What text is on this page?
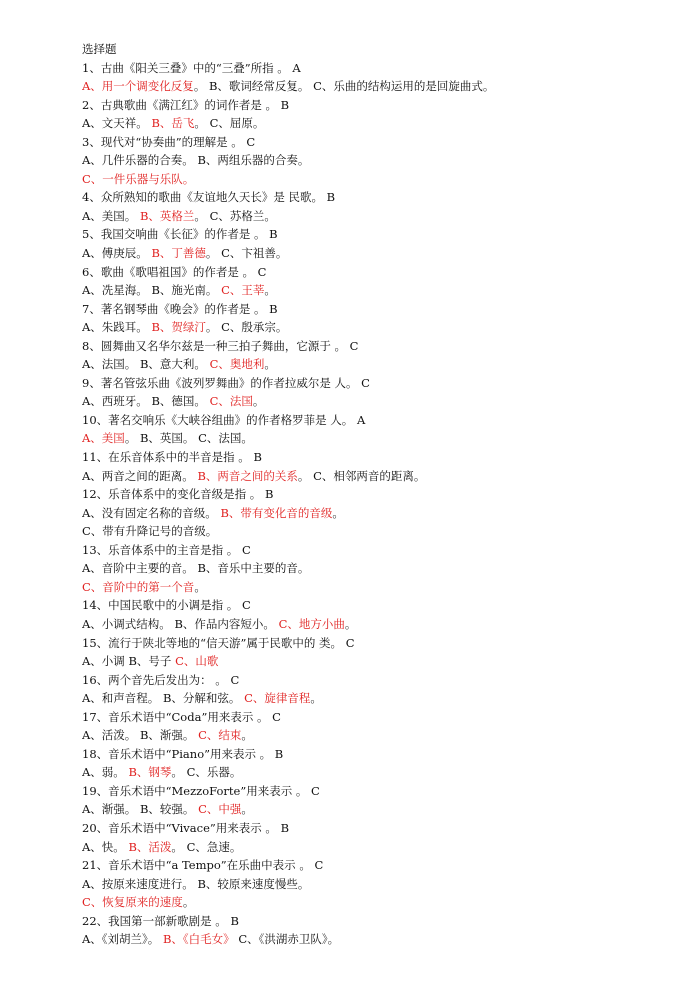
选择题
1、古曲《阳关三叠》中的“三叠”所指 。 A
A、用一个调变化反复。 B、歌词经常反复。 C、乐曲的结构运用的是回旋曲式。
2、古典歌曲《满江红》的词作者是 。 B
A、文天祥。 B、岳飞。 C、屈原。
3、现代对“协奏曲”的理解是 。 C
A、几件乐器的合奏。 B、两组乐器的合奏。
C、一件乐器与乐队。
4、众所熟知的歌曲《友谊地久天长》是 民歌。 B
A、美国。 B、英格兰。 C、苏格兰。
5、我国交响曲《长征》的作者是 。 B
A、傅庚辰。 B、丁善德。 C、卞祖善。
6、歌曲《歌唱祖国》的作者是 。 C
A、冼星海。 B、施光南。 C、王莘。
7、著名钢琴曲《晚会》的作者是 。 B
A、朱践耳。 B、贺绿汀。 C、殷承宗。
8、圆舞曲又名华尔兹是一种三拍子舞曲，它源于 。 C
A、法国。 B、意大利。 C、奥地利。
9、著名管弦乐曲《波列罗舞曲》的作者拉威尔是 人。 C
A、西班牙。 B、德国。 C、法国。
10、著名交响乐《大峡谷组曲》的作者格罗菲是 人。 A
A、美国。 B、英国。 C、法国。
11、在乐音体系中的半音是指 。 B
A、两音之间的距离。 B、两音之间的关系。 C、相邻两音的距离。
12、乐音体系中的变化音级是指 。 B
A、没有固定名称的音级。 B、带有变化音的音级。
C、带有升降记号的音级。
13、乐音体系中的主音是指 。 C
A、音阶中主要的音。 B、音乐中主要的音。
C、音阶中的第一个音。
14、中国民歌中的小调是指 。 C
A、小调式结构。 B、作品内容短小。 C、地方小曲。
15、流行于陕北等地的“信天游”属于民歌中的 类。 C
A、小调 B、号子 C、山歌
16、两个音先后发出为： 。 C
A、和声音程。 B、分解和弦。 C、旋律音程。
17、音乐术语中“Coda”用来表示 。 C
A、活泼。 B、渐强。 C、结束。
18、音乐术语中“Piano”用来表示 。 B
A、弱。 B、钢琴。 C、乐器。
19、音乐术语中“MezzoForte”用来表示 。 C
A、渐强。 B、较强。 C、中强。
20、音乐术语中“Vivace”用来表示 。 B
A、快。 B、活泼。 C、急速。
21、音乐术语中“a Tempo”在乐曲中表示 。 C
A、按原来速度进行。 B、较原来速度慢些。
C、恢复原来的速度。
22、我国第一部新歌剧是 。 B
A、《刘胡兰》。 B、《白毛女》 C、《洪湖赤卫队》。
